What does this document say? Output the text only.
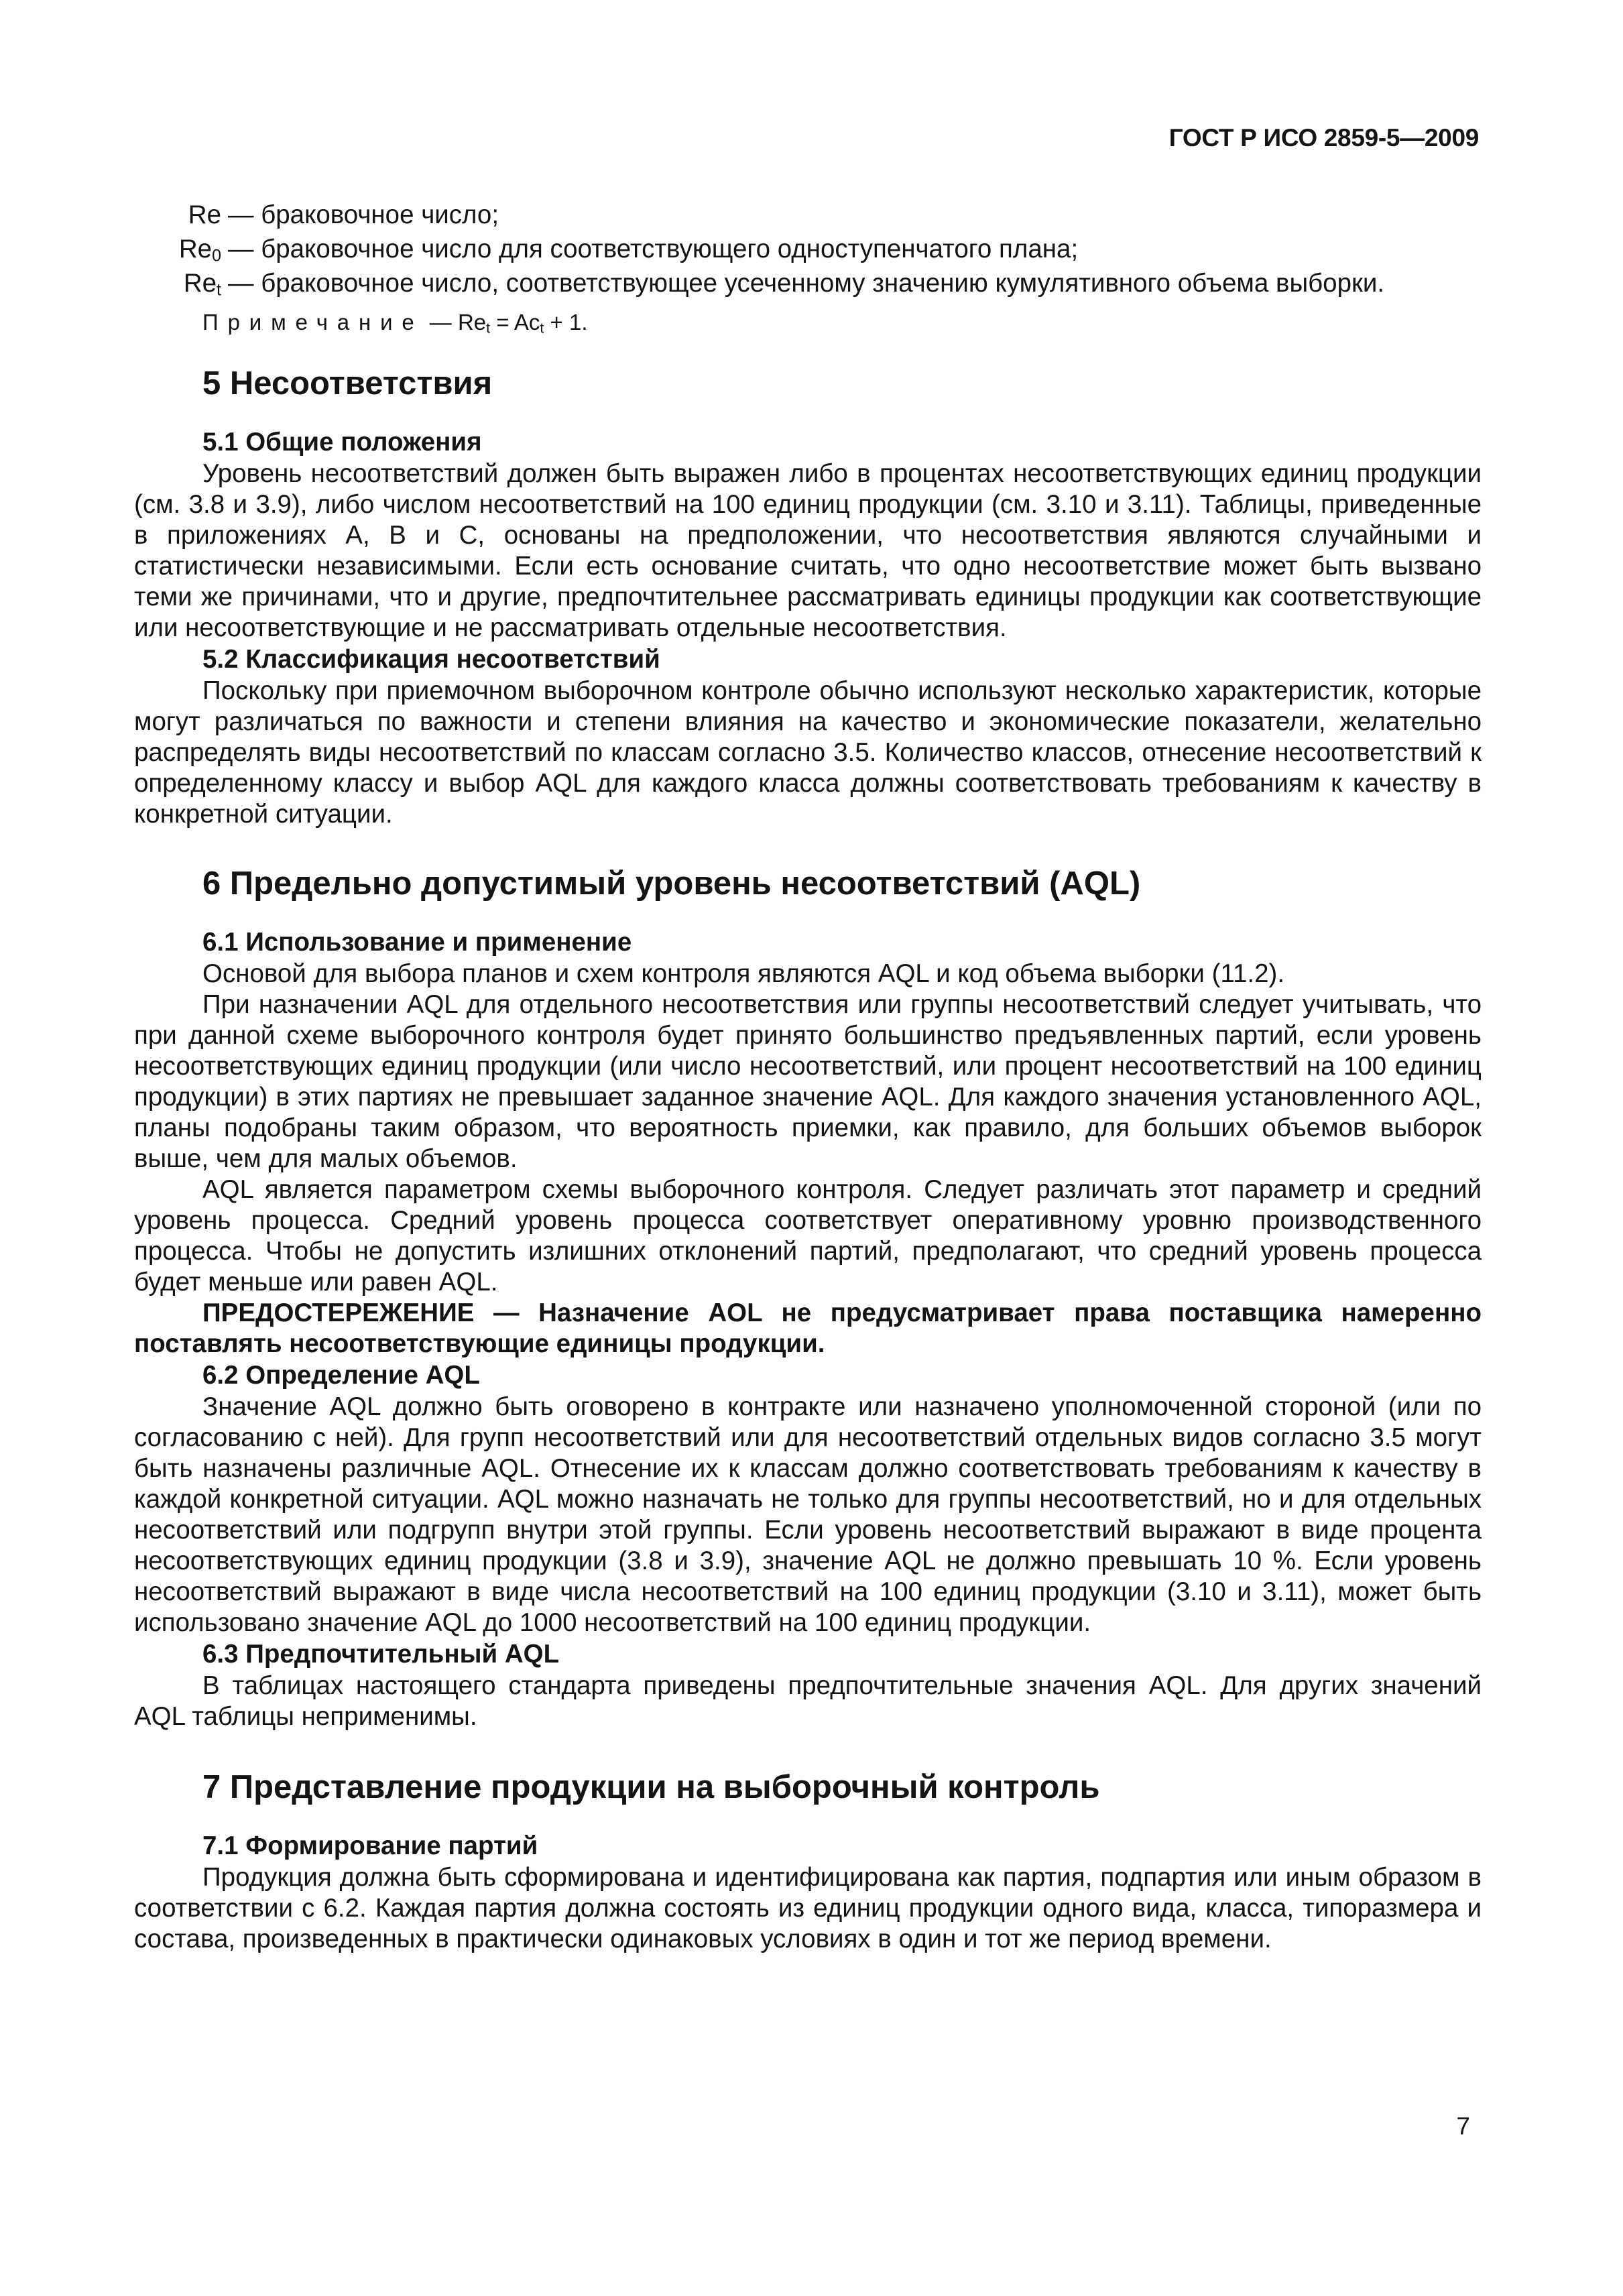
ГОСТ Р ИСО 2859-5—2009
Re — браковочное число;
$Re_0$ — браковочное число для соответствующего одноступенчатого плана;
$Re_t$ — браковочное число, соответствующее усеченному значению кумулятивного объема выборки.
Примечание — $Re_t = Ac_t + 1$.
5 Несоответствия
5.1 Общие положения

Уровень несоответствий должен быть выражен либо в процентах несоответствующих единиц продукции (см. 3.8 и 3.9), либо числом несоответствий на 100 единиц продукции (см. 3.10 и 3.11). Таблицы, приведенные в приложениях А, В и С, основаны на предположении, что несоответствия являются случайными и статистически независимыми. Если есть основание считать, что одно несоответствие может быть вызвано теми же причинами, что и другие, предпочтительнее рассматривать единицы продукции как соответствующие или несоответствующие и не рассматривать отдельные несоответствия.

5.2 Классификация несоответствий

Поскольку при приемочном выборочном контроле обычно используют несколько характеристик, которые могут различаться по важности и степени влияния на качество и экономические показатели, желательно распределять виды несоответствий по классам согласно 3.5. Количество классов, отнесение несоответствий к определенному классу и выбор AQL для каждого класса должны соответствовать требованиям к качеству в конкретной ситуации.

6 Предельно допустимый уровень несоответствий (AQL)
6.1 Использование и применение

Основой для выбора планов и схем контроля являются AQL и код объема выборки (11.2).

При назначении AQL для отдельного несоответствия или группы несоответствий следует учитывать, что при данной схеме выборочного контроля будет принято большинство предъявленных партий, если уровень несоответствующих единиц продукции (или число несоответствий, или процент несоответствий на 100 единиц продукции) в этих партиях не превышает заданное значение AQL. Для каждого значения установленного AQL, планы подобраны таким образом, что вероятность приемки, как правило, для больших объемов выборок выше, чем для малых объемов.

AQL является параметром схемы выборочного контроля. Следует различать этот параметр и средний уровень процесса. Средний уровень процесса соответствует оперативному уровню производственного процесса. Чтобы не допустить излишних отклонений партий, предполагают, что средний уровень процесса будет меньше или равен AQL.

ПРЕДОСТЕРЕЖЕНИЕ — Назначение AOL не предусматривает права поставщика намеренно поставлять несоответствующие единицы продукции.

6.2 Определение AQL

Значение AQL должно быть оговорено в контракте или назначено уполномоченной стороной (или по согласованию с ней). Для групп несоответствий или для несоответствий отдельных видов согласно 3.5 могут быть назначены различные AQL. Отнесение их к классам должно соответствовать требованиям к качеству в каждой конкретной ситуации. AQL можно назначать не только для группы несоответствий, но и для отдельных несоответствий или подгрупп внутри этой группы. Если уровень несоответствий выражают в виде процента несоответствующих единиц продукции (3.8 и 3.9), значение AQL не должно превышать 10 %. Если уровень несоответствий выражают в виде числа несоответствий на 100 единиц продукции (3.10 и 3.11), может быть использовано значение AQL до 1000 несоответствий на 100 единиц продукции.

6.3 Предпочтительный AQL

В таблицах настоящего стандарта приведены предпочтительные значения AQL. Для других значений AQL таблицы неприменимы.

7 Представление продукции на выборочный контроль
7.1 Формирование партий

Продукция должна быть сформирована и идентифицирована как партия, подпартия или иным образом в соответствии с 6.2. Каждая партия должна состоять из единиц продукции одного вида, класса, типоразмера и состава, произведенных в практически одинаковых условиях в один и тот же период времени.

7
